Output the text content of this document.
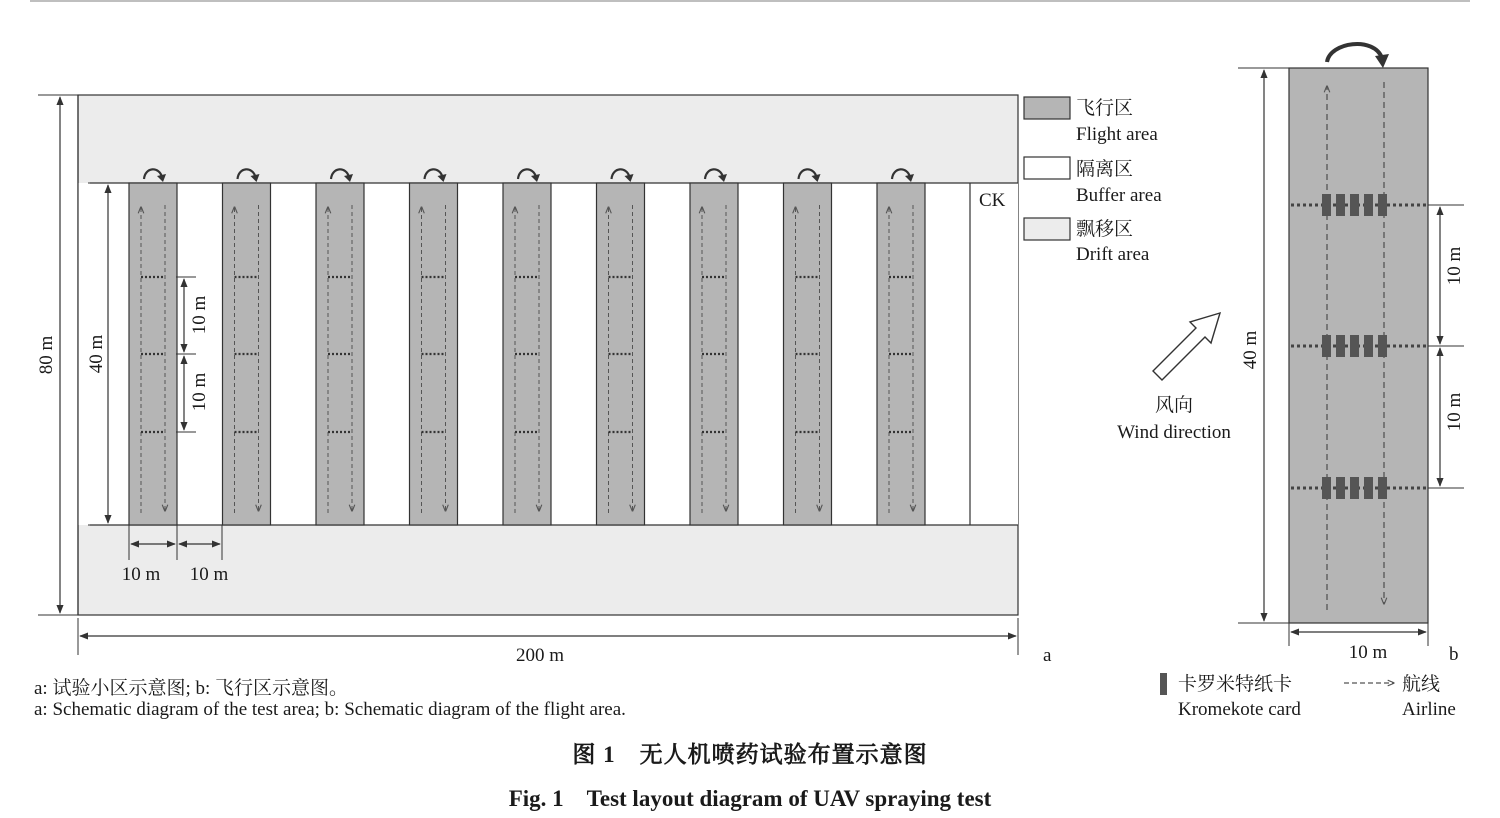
CK
80 m 40 m
10 m
10 m
10 m 10 m
200 m	a
飞行区
Flight area
隔离区
Buffer area
飘移区
Drift area
风向
Wind direction
40 m
10 m
10 m
10 m	b
卡罗米特纸卡
Kromekote card
航线
Airline
a: 试验小区示意图; b: 飞行区示意图。
a: Schematic diagram of the test area; b: Schematic diagram of the flight area.
图 1　无人机喷药试验布置示意图
Fig. 1　Test layout diagram of UAV spraying test
